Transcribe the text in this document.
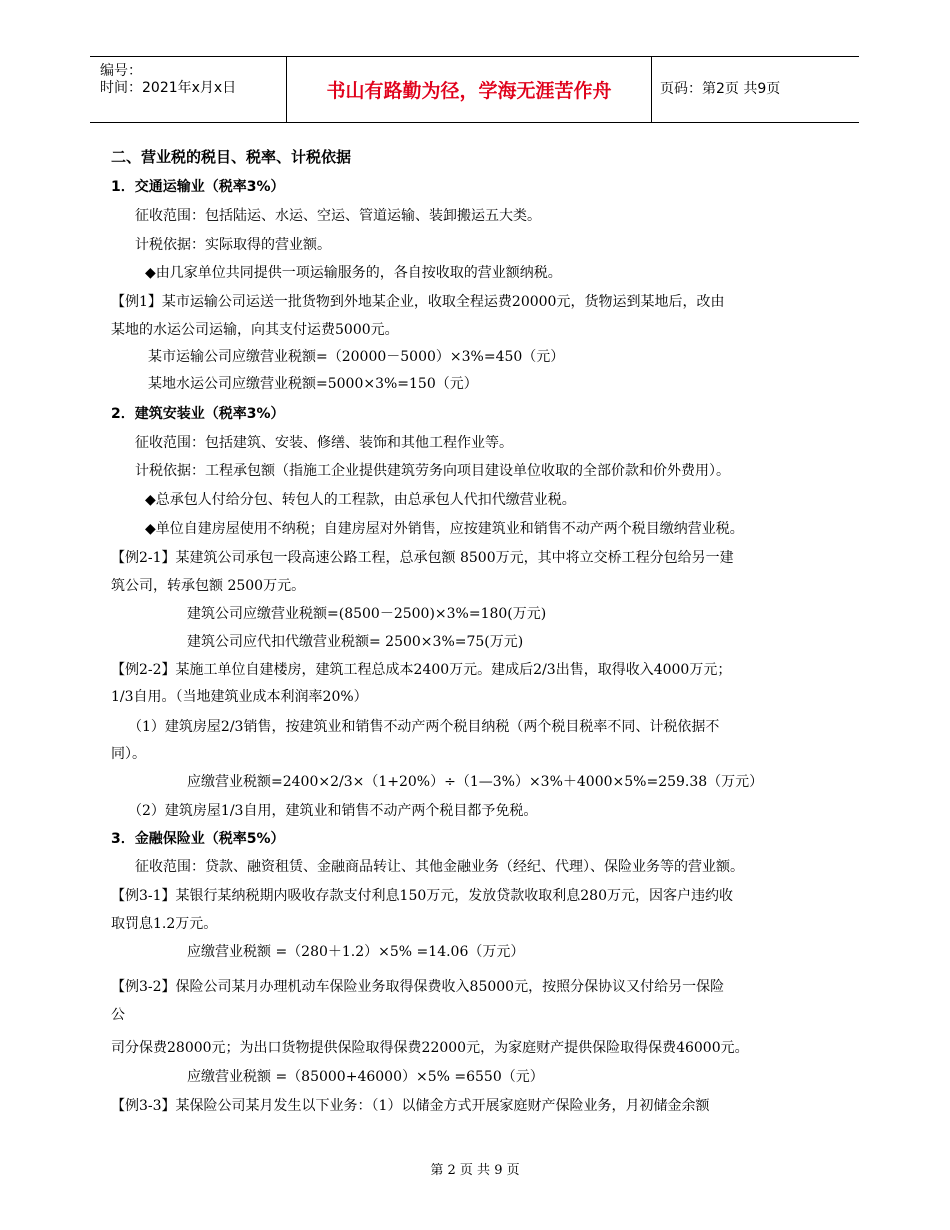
编号：
时间：2021年x月x日	书山有路勤为径，学海无涯苦作舟	页码：第2页 共9页
二、营业税的税目、税率、计税依据
1．交通运输业（税率3%）
征收范围：包括陆运、水运、空运、管道运输、装卸搬运五大类。
计税依据：实际取得的营业额。
◆由几家单位共同提供一项运输服务的，各自按收取的营业额纳税。
【例1】某市运输公司运送一批货物到外地某企业，收取全程运费20000元，货物运到某地后，改由
某地的水运公司运输，向其支付运费5000元。
某市运输公司应缴营业税额=（20000－5000）×3%=450（元）
某地水运公司应缴营业税额=5000×3%=150（元）
2．建筑安装业（税率3%）
征收范围：包括建筑、安装、修缮、装饰和其他工程作业等。
计税依据：工程承包额（指施工企业提供建筑劳务向项目建设单位收取的全部价款和价外费用）。
◆总承包人付给分包、转包人的工程款，由总承包人代扣代缴营业税。
◆单位自建房屋使用不纳税；自建房屋对外销售，应按建筑业和销售不动产两个税目缴纳营业税。
【例2-1】某建筑公司承包一段高速公路工程，总承包额 8500万元，其中将立交桥工程分包给另一建
筑公司，转承包额 2500万元。
建筑公司应缴营业税额=(8500－2500)×3%=180(万元)
建筑公司应代扣代缴营业税额= 2500×3%=75(万元)
【例2-2】某施工单位自建楼房，建筑工程总成本2400万元。建成后2/3出售，取得收入4000万元；
1/3自用。（当地建筑业成本利润率20%）
（1）建筑房屋2/3销售，按建筑业和销售不动产两个税目纳税（两个税目税率不同、计税依据不
同）。
应缴营业税额=2400×2/3×（1+20%）÷（1—3%）×3%＋4000×5%=259.38（万元）
（2）建筑房屋1/3自用，建筑业和销售不动产两个税目都予免税。
3．金融保险业（税率5%）
征收范围：贷款、融资租赁、金融商品转让、其他金融业务（经纪、代理）、保险业务等的营业额。
【例3-1】某银行某纳税期内吸收存款支付利息150万元，发放贷款收取利息280万元，因客户违约收
取罚息1.2万元。
应缴营业税额 =（280＋1.2）×5% =14.06（万元）
【例3-2】保险公司某月办理机动车保险业务取得保费收入85000元，按照分保协议又付给另一保险
公
司分保费28000元；为出口货物提供保险取得保费22000元，为家庭财产提供保险取得保费46000元。
应缴营业税额 =（85000+46000）×5% =6550（元）
【例3-3】某保险公司某月发生以下业务：（1）以储金方式开展家庭财产保险业务，月初储金余额
第 2 页 共 9 页
